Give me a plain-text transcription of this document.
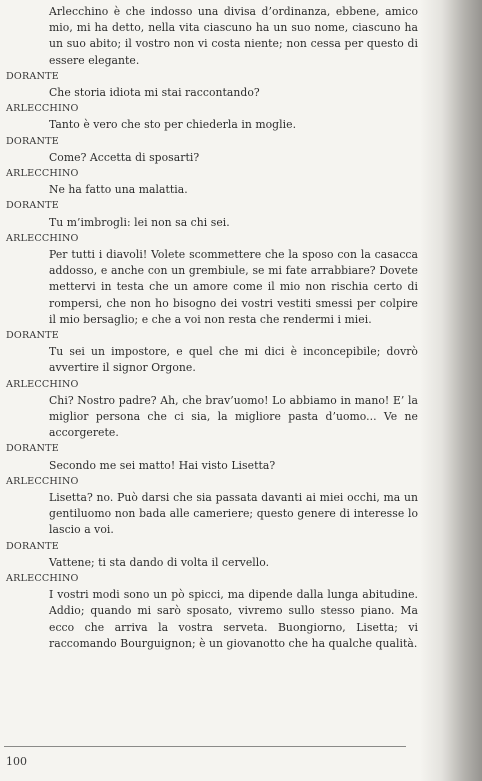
Arlecchino è che indosso una divisa d’ordinanza, ebbene, amico mio, mi ha detto, nella vita ciascuno ha un suo nome, ciascuno ha un suo abito; il vostro non vi costa niente; non cessa per questo di essere elegante.

DORANTE

Che storia idiota mi stai raccontando?

ARLECCHINO

Tanto è vero che sto per chiederla in moglie.

DORANTE

Come? Accetta di sposarti?

ARLECCHINO

Ne ha fatto una malattia.

DORANTE

Tu m’imbrogli: lei non sa chi sei.

ARLECCHINO

Per tutti i diavoli! Volete scommettere che la sposo con la casacca addosso, e anche con un grembiule, se mi fate arrabbiare? Dovete mettervi in testa che un amore come il mio non rischia certo di rompersi, che non ho bisogno dei vostri vestiti smessi per colpire il mio bersaglio; e che a voi non resta che rendermi i miei.

DORANTE

Tu sei un impostore, e quel che mi dici è inconcepibile; dovrò avvertire il signor Orgone.

ARLECCHINO

Chi? Nostro padre? Ah, che brav’uomo! Lo abbiamo in mano! E’ la miglior persona che ci sia, la migliore pasta d’uomo... Ve ne accorgerete.

DORANTE

Secondo me sei matto! Hai visto Lisetta?

ARLECCHINO

Lisetta? no. Può darsi che sia passata davanti ai miei occhi, ma un gentiluomo non bada alle cameriere; questo genere di interesse lo lascio a voi.

DORANTE

Vattene; ti sta dando di volta il cervello.

ARLECCHINO

I vostri modi sono un pò spicci, ma dipende dalla lunga abitudine. Addio; quando mi sarò sposato, vivremo sullo stesso piano. Ma ecco che arriva la vostra serveta. Buongiorno, Lisetta; vi raccomando Bourguignon; è un giovanotto che ha qualche qualità.

100
